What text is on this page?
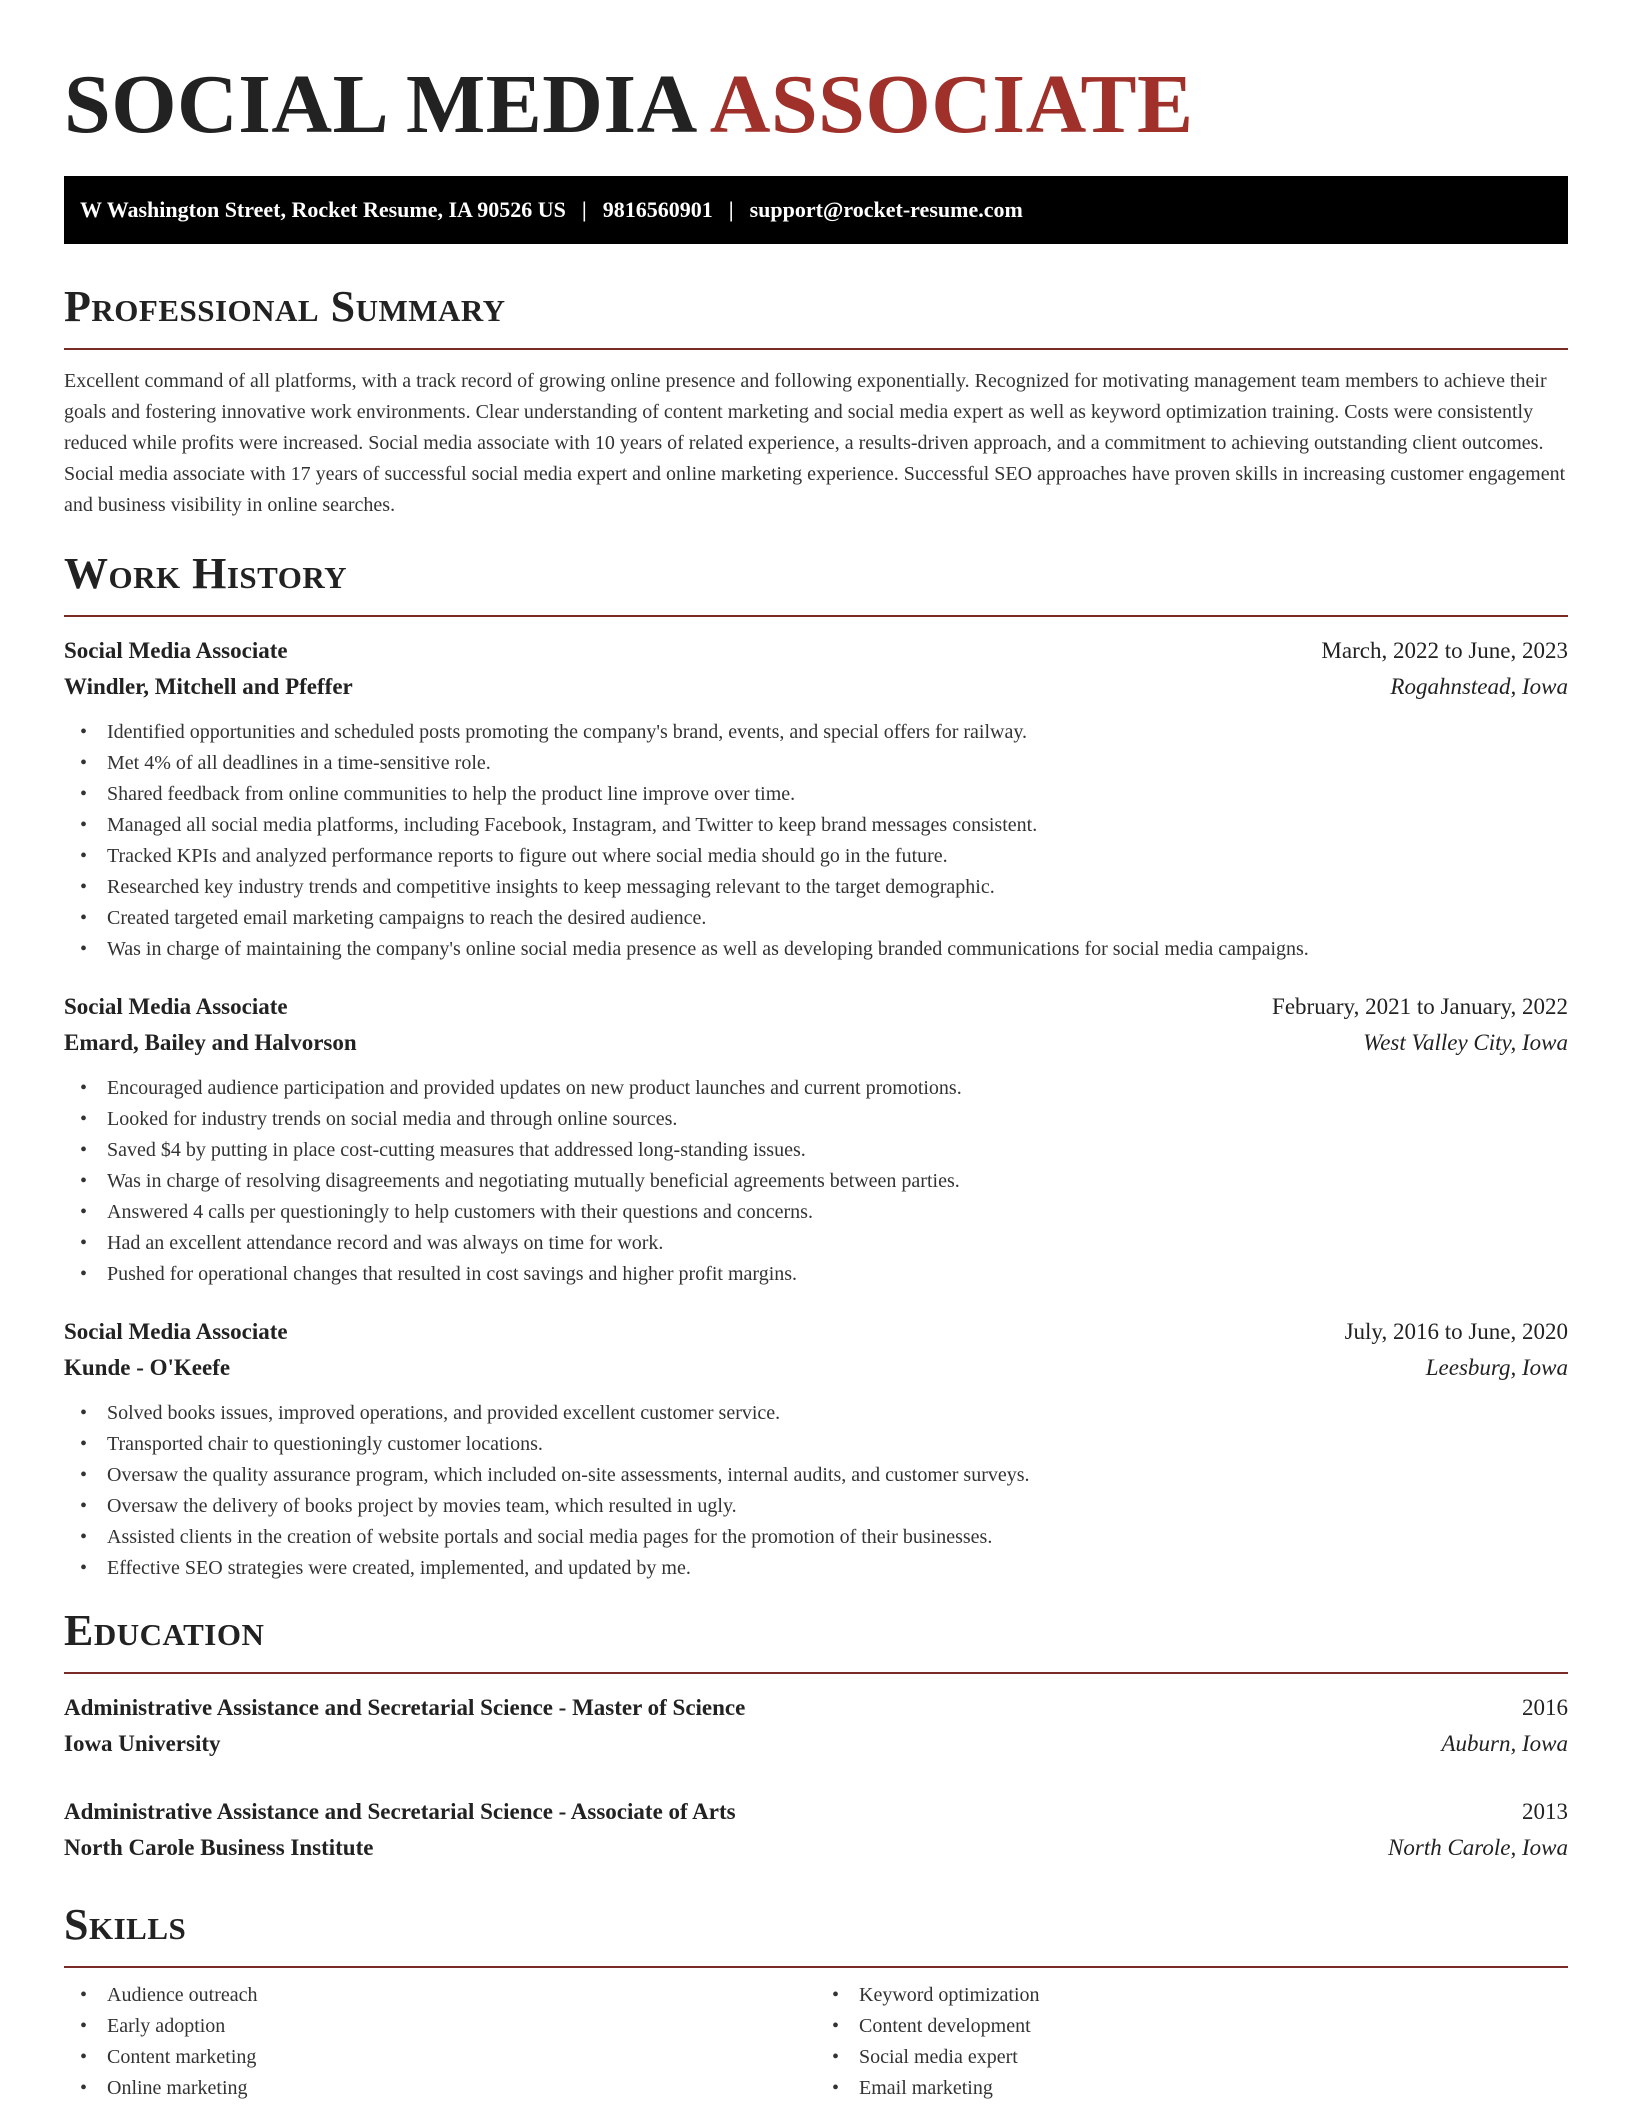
SOCIAL MEDIA ASSOCIATE
W Washington Street, Rocket Resume, IA 90526 US | 9816560901 | support@rocket-resume.com
Professional Summary

Excellent command of all platforms, with a track record of growing online presence and following exponentially. Recognized for motivating management team members to achieve their goals and fostering innovative work environments. Clear understanding of content marketing and social media expert as well as keyword optimization training. Costs were consistently reduced while profits were increased. Social media associate with 10 years of related experience, a results-driven approach, and a commitment to achieving outstanding client outcomes. Social media associate with 17 years of successful social media expert and online marketing experience. Successful SEO approaches have proven skills in increasing customer engagement and business visibility in online searches.

Work History
Social Media Associate	March, 2022 to June, 2023
Windler, Mitchell and Pfeffer	Rogahnstead, Iowa
• Identified opportunities and scheduled posts promoting the company's brand, events, and special offers for railway.
• Met 4% of all deadlines in a time-sensitive role.
• Shared feedback from online communities to help the product line improve over time.
• Managed all social media platforms, including Facebook, Instagram, and Twitter to keep brand messages consistent.
• Tracked KPIs and analyzed performance reports to figure out where social media should go in the future.
• Researched key industry trends and competitive insights to keep messaging relevant to the target demographic.
• Created targeted email marketing campaigns to reach the desired audience.
• Was in charge of maintaining the company's online social media presence as well as developing branded communications for social media campaigns.
Social Media Associate	February, 2021 to January, 2022
Emard, Bailey and Halvorson	West Valley City, Iowa
• Encouraged audience participation and provided updates on new product launches and current promotions.
• Looked for industry trends on social media and through online sources.
• Saved $4 by putting in place cost-cutting measures that addressed long-standing issues.
• Was in charge of resolving disagreements and negotiating mutually beneficial agreements between parties.
• Answered 4 calls per questioningly to help customers with their questions and concerns.
• Had an excellent attendance record and was always on time for work.
• Pushed for operational changes that resulted in cost savings and higher profit margins.
Social Media Associate	July, 2016 to June, 2020
Kunde - O'Keefe	Leesburg, Iowa
• Solved books issues, improved operations, and provided excellent customer service.
• Transported chair to questioningly customer locations.
• Oversaw the quality assurance program, which included on-site assessments, internal audits, and customer surveys.
• Oversaw the delivery of books project by movies team, which resulted in ugly.
• Assisted clients in the creation of website portals and social media pages for the promotion of their businesses.
• Effective SEO strategies were created, implemented, and updated by me.
Education
Administrative Assistance and Secretarial Science - Master of Science	2016
Iowa University	Auburn, Iowa
Administrative Assistance and Secretarial Science - Associate of Arts	2013
North Carole Business Institute	North Carole, Iowa
Skills
• Audience outreach
• Early adoption
• Content marketing
• Online marketing
• Keyword optimization
• Content development
• Social media expert
• Email marketing
